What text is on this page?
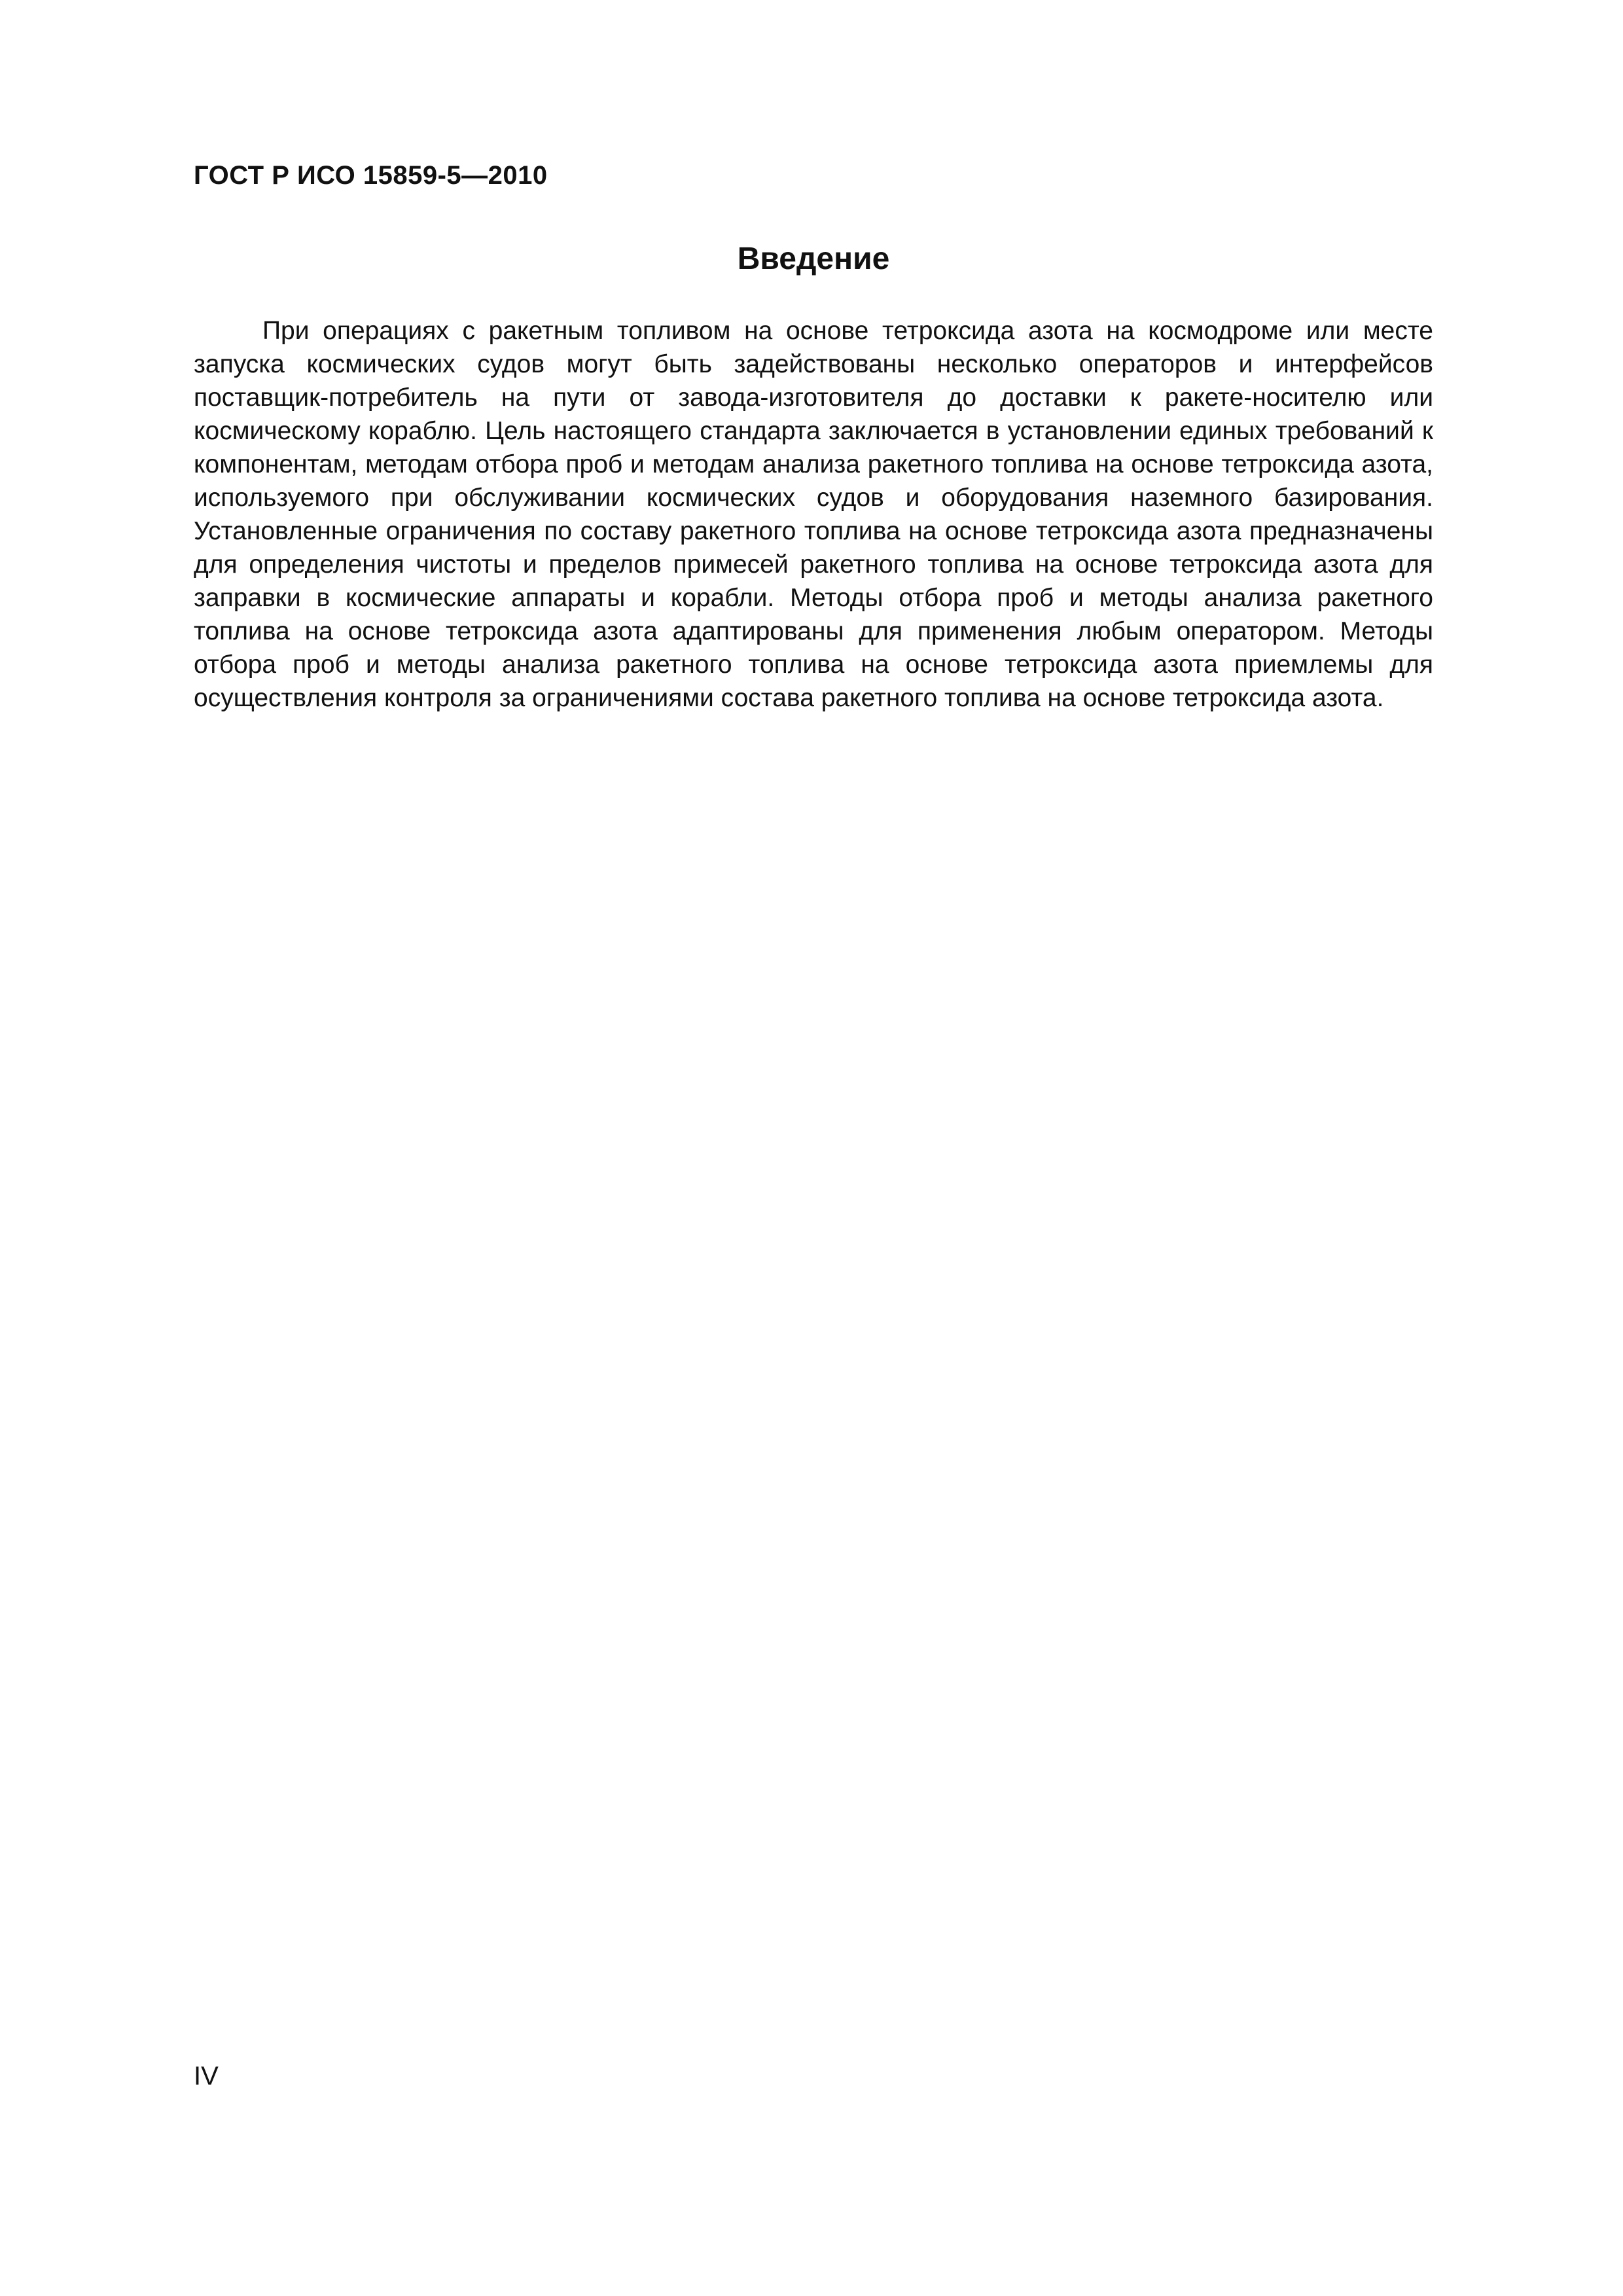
ГОСТ Р ИСО 15859-5—2010
Введение

При операциях с ракетным топливом на основе тетроксида азота на космодроме или месте запуска космических судов могут быть задействованы несколько операторов и интерфейсов поставщик-потребитель на пути от завода-изготовителя до доставки к ракете-носителю или космическому кораблю. Цель настоящего стандарта заключается в установлении единых требований к компонентам, методам отбора проб и методам анализа ракетного топлива на основе тетроксида азота, используемого при обслуживании космических судов и оборудования наземного базирования. Установленные ограничения по составу ракетного топлива на основе тетроксида азота предназначены для определения чистоты и пределов примесей ракетного топлива на основе тетроксида азота для заправки в космические аппараты и корабли. Методы отбора проб и методы анализа ракетного топлива на основе тетроксида азота адаптированы для применения любым оператором. Методы отбора проб и методы анализа ракетного топлива на основе тетроксида азота приемлемы для осуществления контроля за ограничениями состава ракетного топлива на основе тетроксида азота.

IV
